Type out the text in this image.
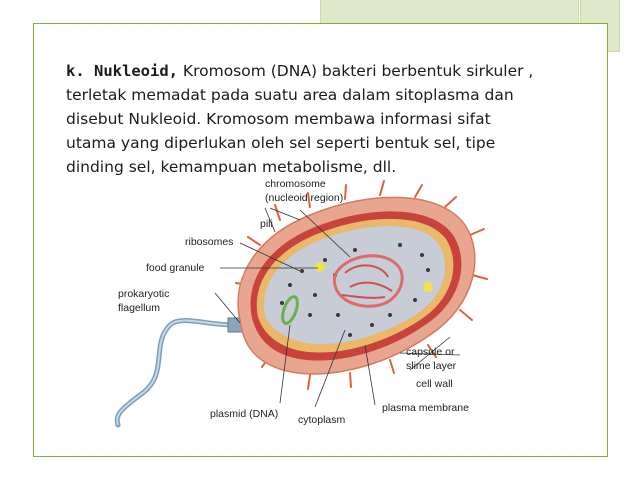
k. Nukleoid, Kromosom (DNA) bakteri berbentuk sirkuler , terletak memadat pada suatu area dalam sitoplasma dan disebut Nukleoid. Kromosom membawa informasi sifat utama yang diperlukan oleh sel seperti bentuk sel, tipe dinding sel, kemampuan metabolisme, dll.
chromosome
(nucleoid region)
pili
ribosomes
food granule
prokaryotic
flagellum
capsule or
slime layer
cell wall
plasma membrane
plasmid (DNA) cytoplasm
